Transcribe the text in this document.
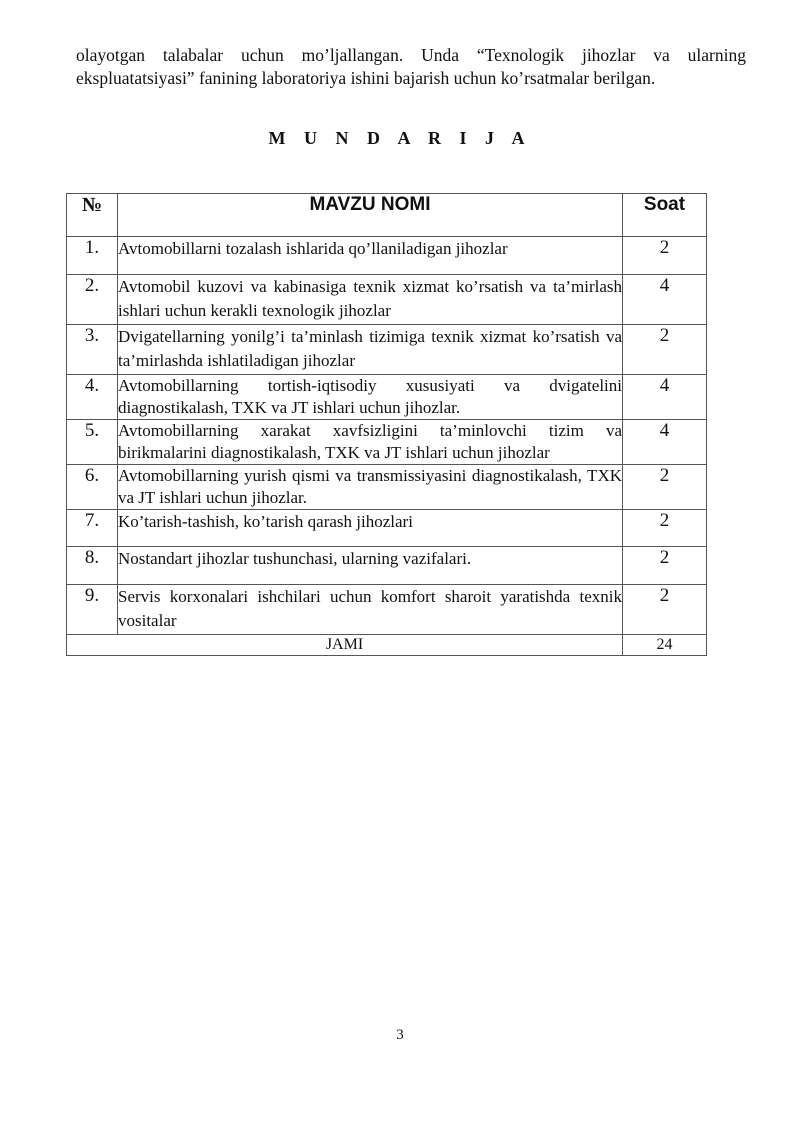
olayotgan talabalar uchun mo’ljallangan. Unda “Texnologik jihozlar va ularning

ekspluatatsiyasi” fanining laboratoriya ishini bajarish uchun ko’rsatmalar berilgan.

M U N D A R I J A
№	MAVZU NOMI	Soat
1.	Avtomobillarni tozalash ishlarida qo’llaniladigan jihozlar	2
2.	Avtomobil kuzovi va kabinasiga texnik xizmat ko’rsatish va ta’mirlash ishlari uchun kerakli texnologik jihozlar	4
3.	Dvigatellarning yonilg’i ta’minlash tizimiga texnik xizmat ko’rsatish va ta’mirlashda ishlatiladigan jihozlar	2
4.	Avtomobillarning tortish-iqtisodiy xususiyati va dvigatelini diagnostikalash, TXK va JT ishlari uchun jihozlar.	4
5.	Avtomobillarning xarakat xavfsizligini ta’minlovchi tizim va birikmalarini diagnostikalash, TXK va JT ishlari uchun jihozlar	4
6.	Avtomobillarning yurish qismi va transmissiyasini diagnostikalash, TXK va JT ishlari uchun jihozlar.	2
7.	Ko’tarish-tashish, ko’tarish qarash jihozlari	2
8.	Nostandart jihozlar tushunchasi, ularning vazifalari.	2
9.	Servis korxonalari ishchilari uchun komfort sharoit yaratishda texnik vositalar	2
JAMI		24
3
